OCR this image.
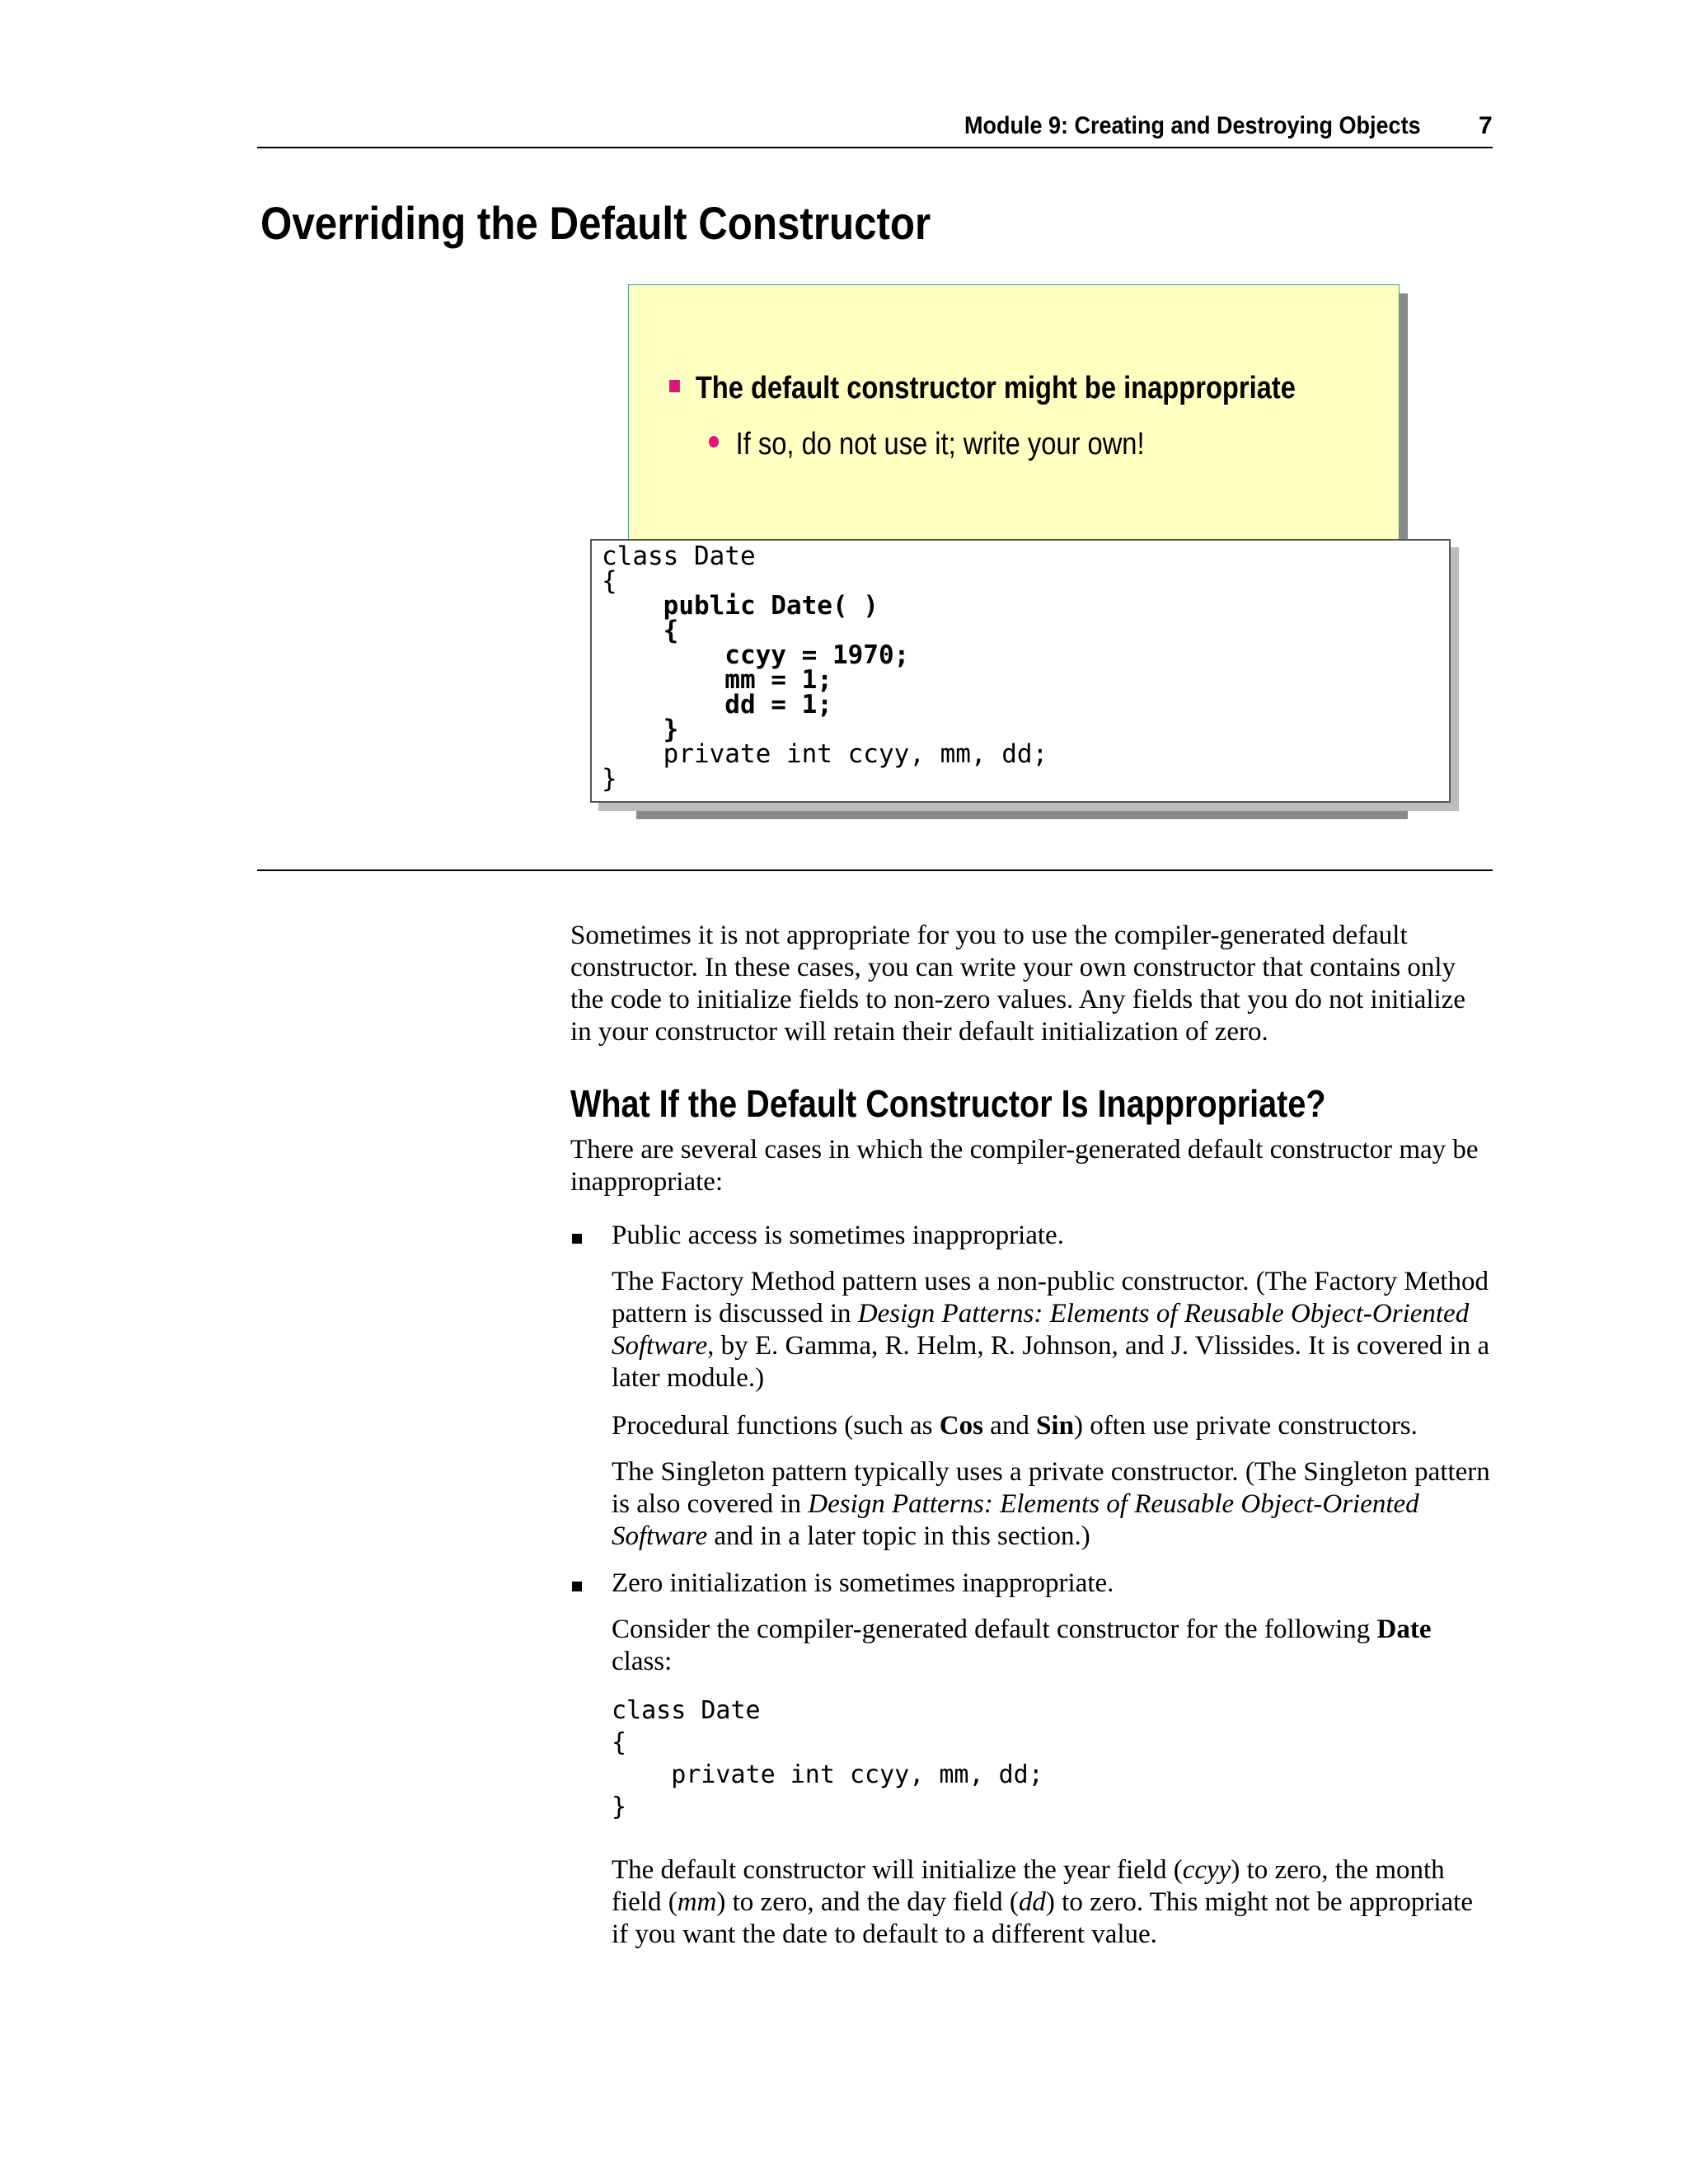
Module 9: Creating and Destroying Objects 7
Overriding the Default Constructor
The default constructor might be inappropriate
If so, do not use it; write your own!
class Date
{
public Date( )
{
ccyy = 1970;
mm = 1;
dd = 1;
}
private int ccyy, mm, dd;
}

Sometimes it is not appropriate for you to use the compiler-generated default constructor. In these cases, you can write your own constructor that contains only the code to initialize fields to non-zero values. Any fields that you do not initialize in your constructor will retain their default initialization of zero.

What If the Default Constructor Is Inappropriate?

There are several cases in which the compiler-generated default constructor may be inappropriate:

Public access is sometimes inappropriate.

The Factory Method pattern uses a non-public constructor. (The Factory Method pattern is discussed in Design Patterns: Elements of Reusable Object-Oriented Software, by E. Gamma, R. Helm, R. Johnson, and J. Vlissides. It is covered in a later module.)

Procedural functions (such as Cos and Sin) often use private constructors.

The Singleton pattern typically uses a private constructor. (The Singleton pattern is also covered in Design Patterns: Elements of Reusable Object-Oriented Software and in a later topic in this section.)

Zero initialization is sometimes inappropriate.

Consider the compiler-generated default constructor for the following Date class:

class Date
{
private int ccyy, mm, dd;
}

The default constructor will initialize the year field (ccyy) to zero, the month field (mm) to zero, and the day field (dd) to zero. This might not be appropriate if you want the date to default to a different value.
